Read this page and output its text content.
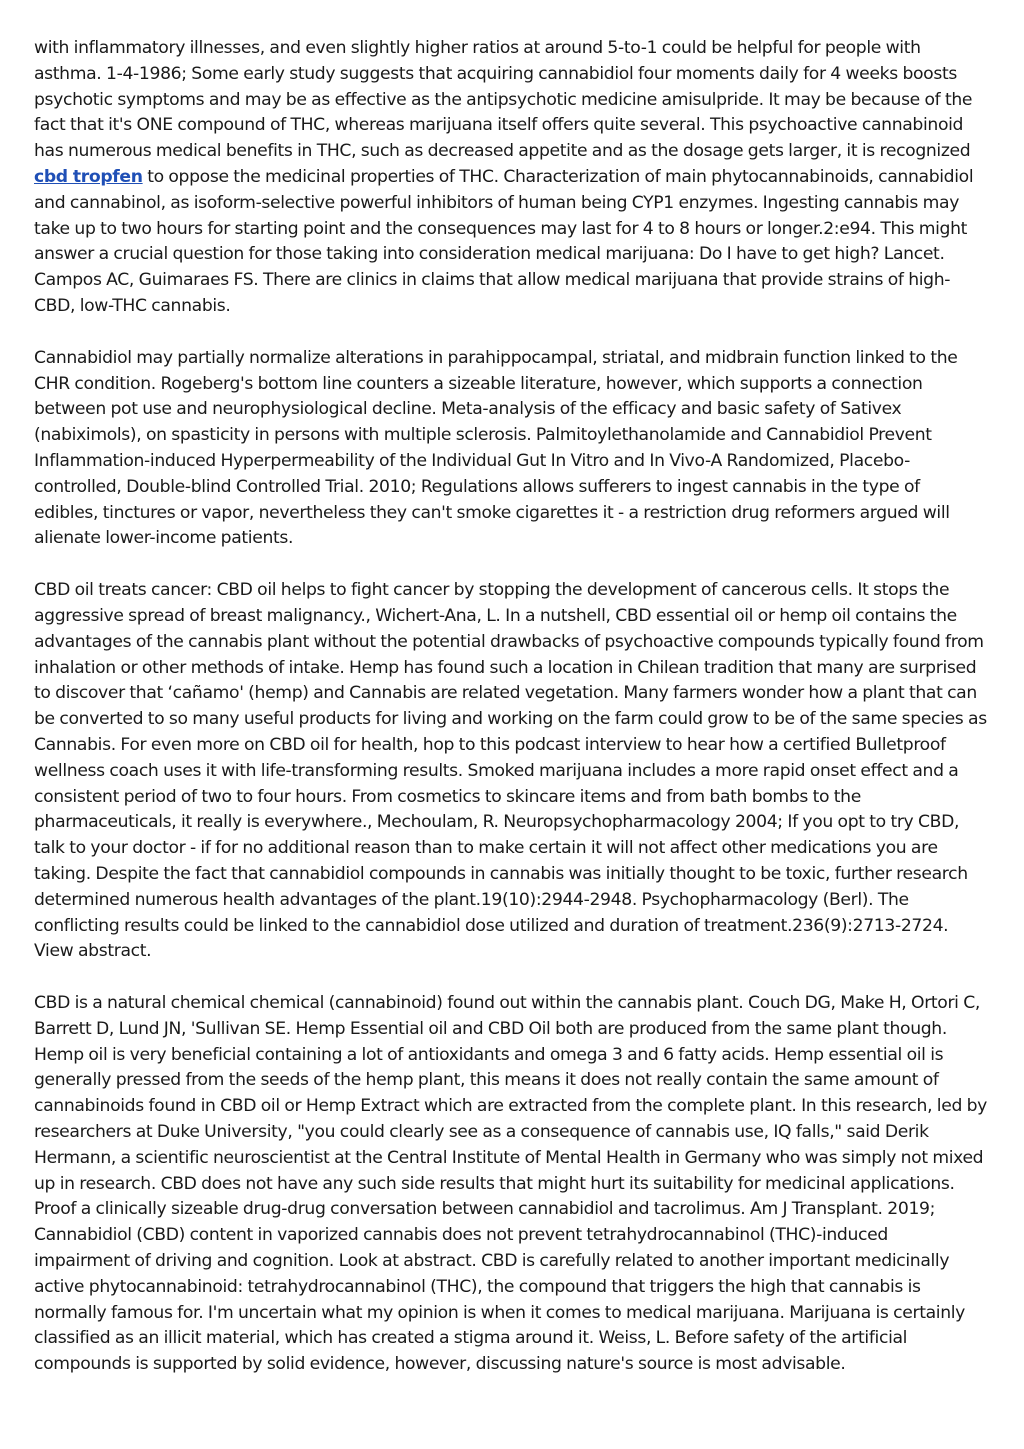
with inflammatory illnesses, and even slightly higher ratios at around 5-to-1 could be helpful for people with asthma. 1-4-1986; Some early study suggests that acquiring cannabidiol four moments daily for 4 weeks boosts psychotic symptoms and may be as effective as the antipsychotic medicine amisulpride. It may be because of the fact that it's ONE compound of THC, whereas marijuana itself offers quite several. This psychoactive cannabinoid has numerous medical benefits in THC, such as decreased appetite and as the dosage gets larger, it is recognized cbd tropfen to oppose the medicinal properties of THC. Characterization of main phytocannabinoids, cannabidiol and cannabinol, as isoform-selective powerful inhibitors of human being CYP1 enzymes. Ingesting cannabis may take up to two hours for starting point and the consequences may last for 4 to 8 hours or longer.2:e94. This might answer a crucial question for those taking into consideration medical marijuana: Do I have to get high? Lancet. Campos AC, Guimaraes FS. There are clinics in claims that allow medical marijuana that provide strains of high-CBD, low-THC cannabis.

Cannabidiol may partially normalize alterations in parahippocampal, striatal, and midbrain function linked to the CHR condition. Rogeberg's bottom line counters a sizeable literature, however, which supports a connection between pot use and neurophysiological decline. Meta-analysis of the efficacy and basic safety of Sativex (nabiximols), on spasticity in persons with multiple sclerosis. Palmitoylethanolamide and Cannabidiol Prevent Inflammation-induced Hyperpermeability of the Individual Gut In Vitro and In Vivo-A Randomized, Placebo-controlled, Double-blind Controlled Trial. 2010; Regulations allows sufferers to ingest cannabis in the type of edibles, tinctures or vapor, nevertheless they can't smoke cigarettes it - a restriction drug reformers argued will alienate lower-income patients.

CBD oil treats cancer: CBD oil helps to fight cancer by stopping the development of cancerous cells. It stops the aggressive spread of breast malignancy., Wichert-Ana, L. In a nutshell, CBD essential oil or hemp oil contains the advantages of the cannabis plant without the potential drawbacks of psychoactive compounds typically found from inhalation or other methods of intake. Hemp has found such a location in Chilean tradition that many are surprised to discover that ‘cañamo' (hemp) and Cannabis are related vegetation. Many farmers wonder how a plant that can be converted to so many useful products for living and working on the farm could grow to be of the same species as Cannabis. For even more on CBD oil for health, hop to this podcast interview to hear how a certified Bulletproof wellness coach uses it with life-transforming results. Smoked marijuana includes a more rapid onset effect and a consistent period of two to four hours. From cosmetics to skincare items and from bath bombs to the pharmaceuticals, it really is everywhere., Mechoulam, R. Neuropsychopharmacology 2004; If you opt to try CBD, talk to your doctor - if for no additional reason than to make certain it will not affect other medications you are taking. Despite the fact that cannabidiol compounds in cannabis was initially thought to be toxic, further research determined numerous health advantages of the plant.19(10):2944-2948. Psychopharmacology (Berl). The conflicting results could be linked to the cannabidiol dose utilized and duration of treatment.236(9):2713-2724. View abstract.

CBD is a natural chemical chemical (cannabinoid) found out within the cannabis plant. Couch DG, Make H, Ortori C, Barrett D, Lund JN, 'Sullivan SE. Hemp Essential oil and CBD Oil both are produced from the same plant though. Hemp oil is very beneficial containing a lot of antioxidants and omega 3 and 6 fatty acids. Hemp essential oil is generally pressed from the seeds of the hemp plant, this means it does not really contain the same amount of cannabinoids found in CBD oil or Hemp Extract which are extracted from the complete plant. In this research, led by researchers at Duke University, "you could clearly see as a consequence of cannabis use, IQ falls," said Derik Hermann, a scientific neuroscientist at the Central Institute of Mental Health in Germany who was simply not mixed up in research. CBD does not have any such side results that might hurt its suitability for medicinal applications. Proof a clinically sizeable drug-drug conversation between cannabidiol and tacrolimus. Am J Transplant. 2019; Cannabidiol (CBD) content in vaporized cannabis does not prevent tetrahydrocannabinol (THC)-induced impairment of driving and cognition. Look at abstract. CBD is carefully related to another important medicinally active phytocannabinoid: tetrahydrocannabinol (THC), the compound that triggers the high that cannabis is normally famous for. I'm uncertain what my opinion is when it comes to medical marijuana. Marijuana is certainly classified as an illicit material, which has created a stigma around it. Weiss, L. Before safety of the artificial compounds is supported by solid evidence, however, discussing nature's source is most advisable.
